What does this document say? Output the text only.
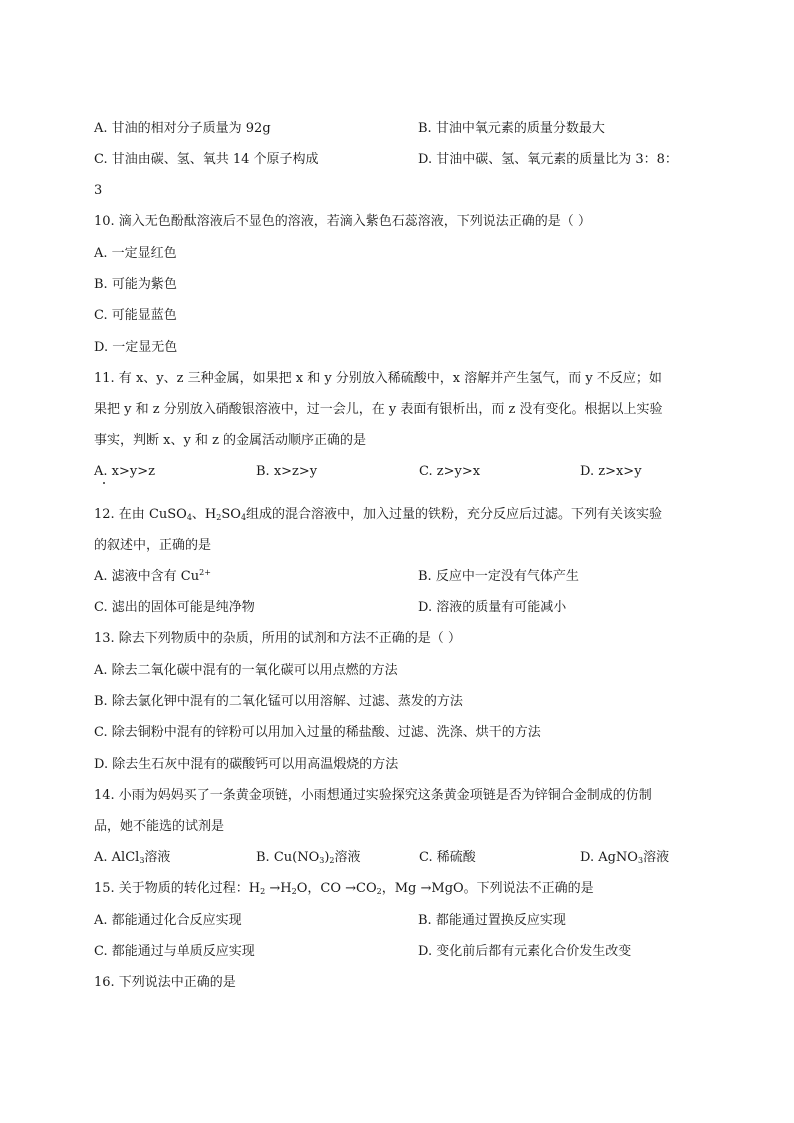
A. 甘油的相对分子质量为 92g	B. 甘油中氧元素的质量分数最大
C. 甘油由碳、氢、氧共 14 个原子构成	D. 甘油中碳、氢、氧元素的质量比为 3：8：
3
10. 滴入无色酚酞溶液后不显色的溶液，若滴入紫色石蕊溶液，下列说法正确的是（ ）
A. 一定显红色
B. 可能为紫色
C. 可能显蓝色
D. 一定显无色
11. 有 x、y、z 三种金属，如果把 x 和 y 分别放入稀硫酸中，x 溶解并产生氢气，而 y 不反应；如
果把 y 和 z 分别放入硝酸银溶液中，过一会儿，在 y 表面有银析出，而 z 没有变化。根据以上实验
事实，判断 x、y 和 z 的金属活动顺序正确的是
A. x>y>z	B. x>z>y	C. z>y>x	D. z>x>y
12. 在由 CuSO$_4$、$H_2SO_4$组成的混合溶液中，加入过量的铁粉，充分反应后过滤。下列有关该实验
的叙述中，正确的是
A. 滤液中含有 $Cu^{2+}$	B. 反应中一定没有气体产生
C. 滤出的固体可能是纯净物	D. 溶液的质量有可能减小
13. 除去下列物质中的杂质，所用的试剂和方法不正确的是（ ）
A. 除去二氧化碳中混有的一氧化碳可以用点燃的方法
B. 除去氯化钾中混有的二氧化锰可以用溶解、过滤、蒸发的方法
C. 除去铜粉中混有的锌粉可以用加入过量的稀盐酸、过滤、洗涤、烘干的方法
D. 除去生石灰中混有的碳酸钙可以用高温煅烧的方法
14. 小雨为妈妈买了一条黄金项链，小雨想通过实验探究这条黄金项链是否为锌铜合金制成的仿制
品，她不能选的试剂是
A. AlCl$_3$溶液	B. $Cu(NO_3)_2$溶液	C. 稀硫酸	D. AgNO$_3$溶液
15. 关于物质的转化过程：$H_2 \to H_2O$，CO $\to CO_2$，Mg →MgO。下列说法不正确的是
A. 都能通过化合反应实现	B. 都能通过置换反应实现
C. 都能通过与单质反应实现	D. 变化前后都有元素化合价发生改变
16. 下列说法中正确的是
